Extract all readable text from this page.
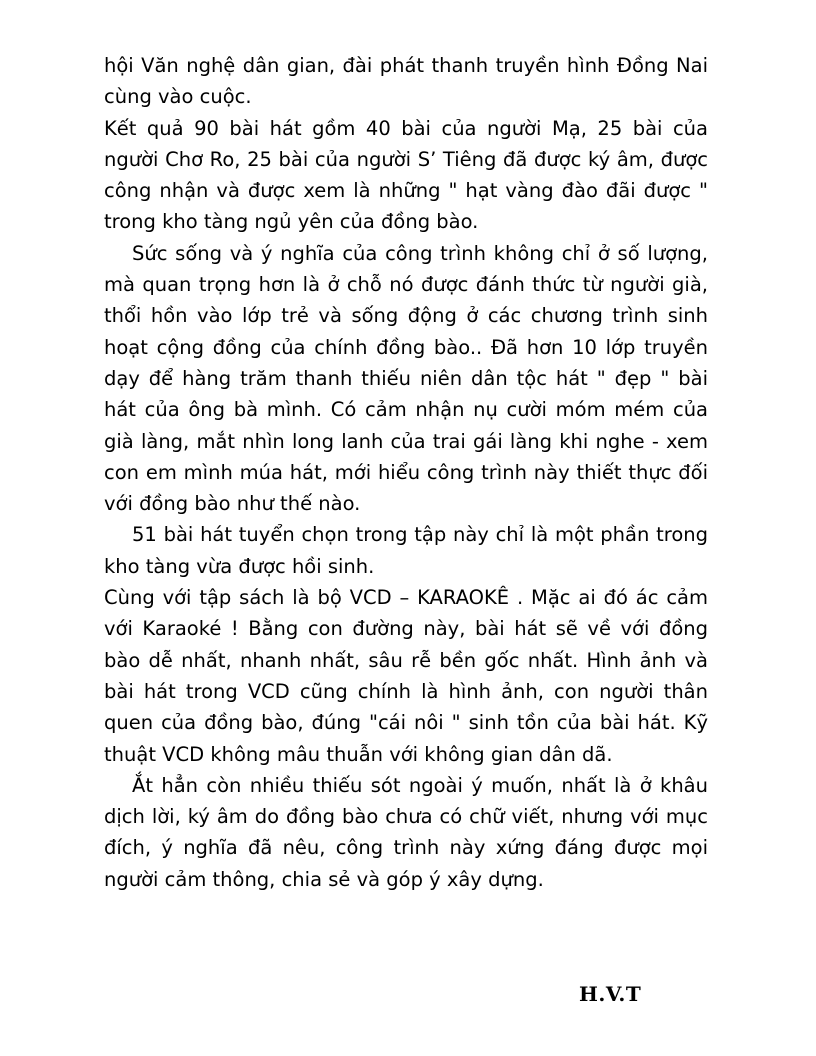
hội Văn nghệ dân gian, đài phát thanh truyền hình Đồng Nai cùng vào cuộc.

Kết quả 90 bài hát gồm 40 bài của người Mạ, 25 bài của người Chơ Ro, 25 bài của người S’ Tiêng đã được ký âm, được công nhận và được xem là những " hạt vàng đào đãi được " trong kho tàng ngủ yên của đồng bào.

Sức sống và ý nghĩa của công trình không chỉ ở số lượng, mà quan trọng hơn là ở chỗ nó được đánh thức từ người già, thổi hồn vào lớp trẻ và sống động ở các chương trình sinh hoạt cộng đồng của chính đồng bào.. Đã hơn 10 lớp truyền dạy để hàng trăm thanh thiếu niên dân tộc hát " đẹp " bài hát của ông bà mình. Có cảm nhận nụ cười móm mém của già làng, mắt nhìn long lanh của trai gái làng khi nghe - xem con em mình múa hát, mới hiểu công trình này thiết thực đối với đồng bào như thế nào.

51 bài hát tuyển chọn trong tập này chỉ là một phần trong kho tàng vừa được hồi sinh.

Cùng với tập sách là bộ VCD – KARAOKÊ . Mặc ai đó ác cảm với Karaoké ! Bằng con đường này, bài hát sẽ về với đồng bào dễ nhất, nhanh nhất, sâu rễ bền gốc nhất. Hình ảnh và bài hát trong VCD cũng chính là hình ảnh, con người thân quen của đồng bào, đúng "cái nôi " sinh tồn của bài hát. Kỹ thuật VCD không mâu thuẫn với không gian dân dã.

Ắt hẳn còn nhiều thiếu sót ngoài ý muốn, nhất là ở khâu dịch lời, ký âm do đồng bào chưa có chữ viết, nhưng với mục đích, ý nghĩa đã nêu, công trình này xứng đáng được mọi người cảm thông, chia sẻ và góp ý xây dựng.

H.V.T
